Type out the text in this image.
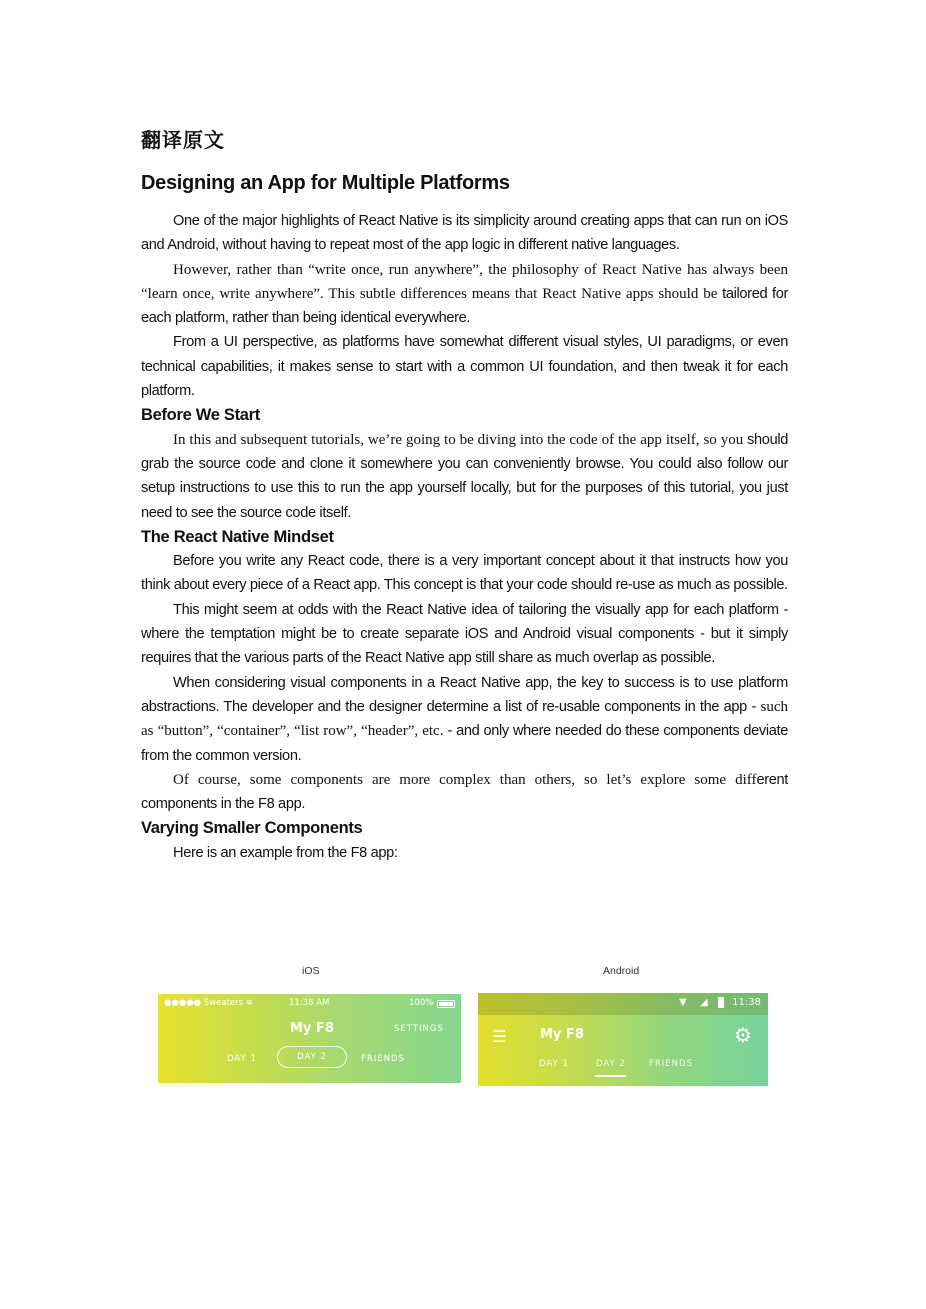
翻译原文
Designing an App for Multiple Platforms

One of the major highlights of React Native is its simplicity around creating apps that can run on iOS and Android, without having to repeat most of the app logic in different native languages.

However, rather than “write once, run anywhere”, the philosophy of React Native has always been “learn once, write anywhere”. This subtle differences means that React Native apps should be tailored for each platform, rather than being identical everywhere.

From a UI perspective, as platforms have somewhat different visual styles, UI paradigms, or even technical capabilities, it makes sense to start with a common UI foundation, and then tweak it for each platform.

Before We Start

In this and subsequent tutorials, we’re going to be diving into the code of the app itself, so you should grab the source code and clone it somewhere you can conveniently browse. You could also follow our setup instructions to use this to run the app yourself locally, but for the purposes of this tutorial, you just need to see the source code itself.

The React Native Mindset

Before you write any React code, there is a very important concept about it that instructs how you think about every piece of a React app. This concept is that your code should re-use as much as possible.

This might seem at odds with the React Native idea of tailoring the visually app for each platform - where the temptation might be to create separate iOS and Android visual components - but it simply requires that the various parts of the React Native app still share as much overlap as possible.

When considering visual components in a React Native app, the key to success is to use platform abstractions. The developer and the designer determine a list of re-usable components in the app - such as “button”, “container”, “list row”, “header”, etc. - and only where needed do these components deviate from the common version.

Of course, some components are more complex than others, so let’s explore some different components in the F8 app.

Varying Smaller Components

Here is an example from the F8 app:

iOS	Android
●●●●● Sweaters ≋	11:38 AM	100%
My F8	SETTINGS
DAY 1	DAY 2	FRIENDS
▼ ◢ 11:38
☰	My F8	⚙
DAY 1	DAY 2	FRIENDS
